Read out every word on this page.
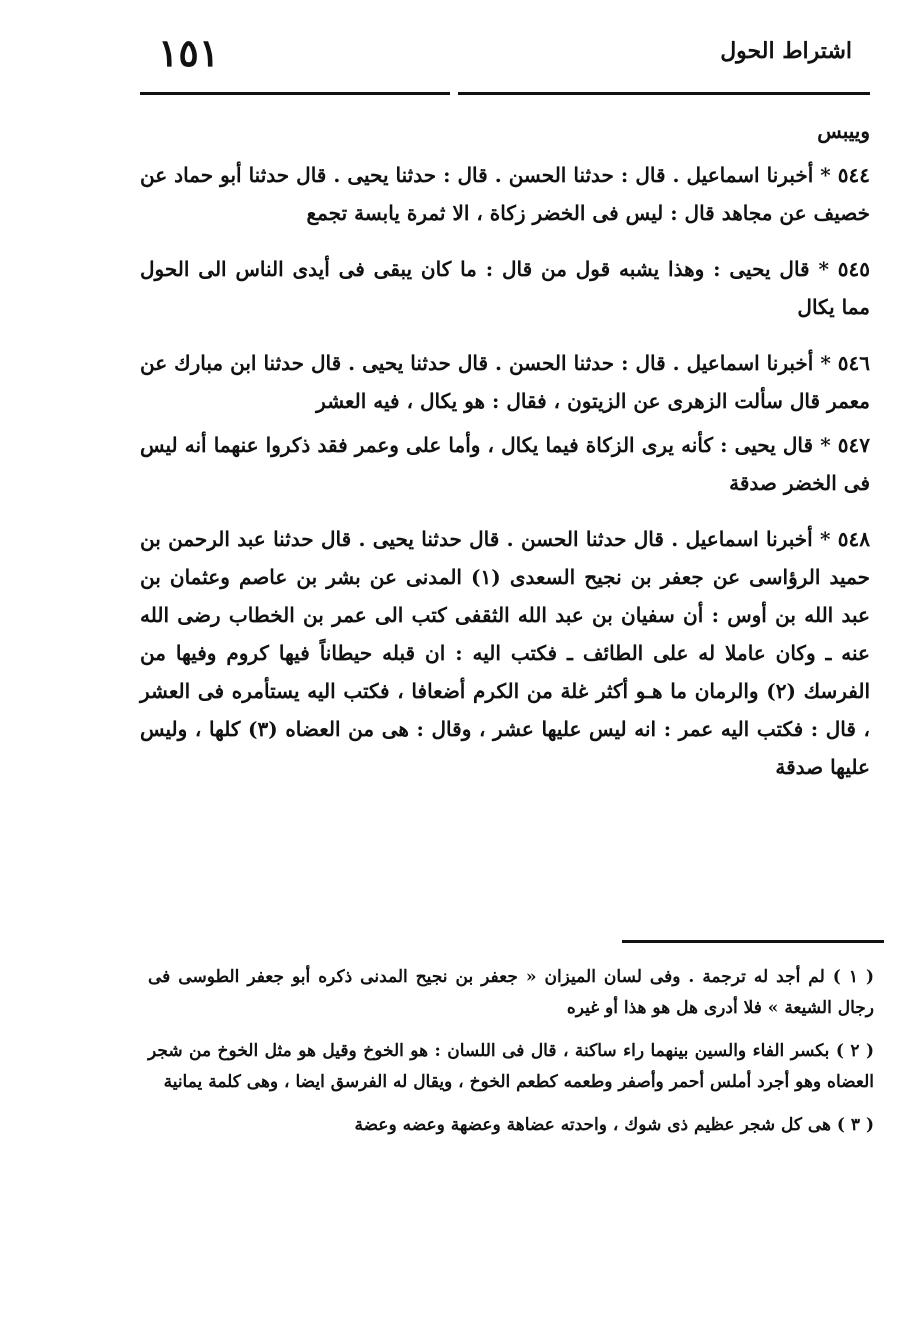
اشتراط الحول
١٥١

وييبس

٥٤٤ * أخبرنا اسماعيل . قال : حدثنا الحسن . قال : حدثنا يحيى . قال حدثنا أبو حماد عن خصيف عن مجاهد قال : ليس فى الخضر زكاة ، الا ثمرة يابسة تجمع

٥٤٥ * قال يحيى : وهذا يشبه قول من قال : ما كان يبقى فى أيدى الناس الى الحول مما يكال

٥٤٦ * أخبرنا اسماعيل . قال : حدثنا الحسن . قال حدثنا يحيى . قال حدثنا ابن مبارك عن معمر قال سألت الزهرى عن الزيتون ، فقال : هو يكال ، فيه العشر

٥٤٧ * قال يحيى : كأنه يرى الزكاة فيما يكال ، وأما على وعمر فقد ذكروا عنهما أنه ليس فى الخضر صدقة

٥٤٨ * أخبرنا اسماعيل . قال حدثنا الحسن . قال حدثنا يحيى . قال حدثنا عبد الرحمن بن حميد الرؤاسى عن جعفر بن نجيح السعدى (١) المدنى عن بشر بن عاصم وعثمان بن عبد الله بن أوس : أن سفيان بن عبد الله الثقفى كتب الى عمر بن الخطاب رضى الله عنه ـ وكان عاملا له على الطائف ـ فكتب اليه : ان قبله حيطاناً فيها كروم وفيها من الفرسك (٢) والرمان ما هـو أكثر غلة من الكرم أضعافا ، فكتب اليه يستأمره فى العشر ، قال : فكتب اليه عمر : انه ليس عليها عشر ، وقال : هى من العضاه (٣) كلها ، وليس عليها صدقة

( ١ ) لم أجد له ترجمة . وفى لسان الميزان « جعفر بن نجيح المدنى ذكره أبو جعفر الطوسى فى رجال الشيعة » فلا أدرى هل هو هذا أو غيره

( ٢ ) بكسر الفاء والسين بينهما راء ساكنة ، قال فى اللسان : هو الخوخ وقيل هو مثل الخوخ من شجر العضاه وهو أجرد أملس أحمر وأصفر وطعمه كطعم الخوخ ، ويقال له الفرسق ايضا ، وهى كلمة يمانية

( ٣ ) هى كل شجر عظيم ذى شوك ، واحدته عضاهة وعضهة وعضه وعضة
